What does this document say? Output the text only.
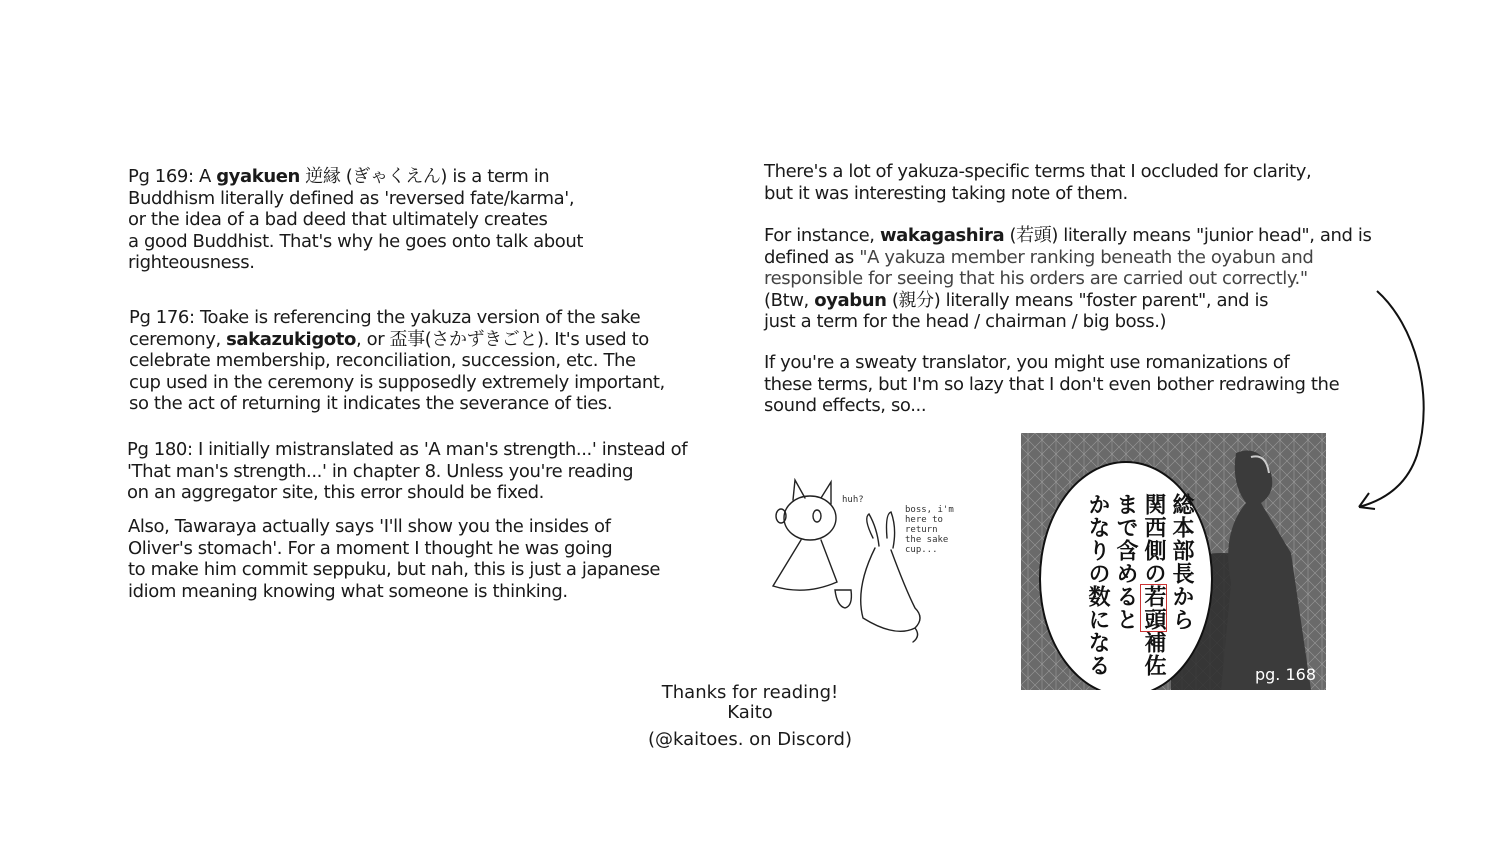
Pg 169: A gyakuen 逆縁 (ぎゃくえん) is a term in
Buddhism literally defined as 'reversed fate/karma',
or the idea of a bad deed that ultimately creates
a good Buddhist. That's why he goes onto talk about
righteousness.
Pg 176: Toake is referencing the yakuza version of the sake
ceremony, sakazukigoto, or 盃事(さかずきごと). It's used to
celebrate membership, reconciliation, succession, etc. The
cup used in the ceremony is supposedly extremely important,
so the act of returning it indicates the severance of ties.
Pg 180: I initially mistranslated as 'A man's strength...' instead of
'That man's strength...' in chapter 8. Unless you're reading
on an aggregator site, this error should be fixed.
Also, Tawaraya actually says 'I'll show you the insides of
Oliver's stomach'. For a moment I thought he was going
to make him commit seppuku, but nah, this is just a japanese
idiom meaning knowing what someone is thinking.
There's a lot of yakuza-specific terms that I occluded for clarity,
but it was interesting taking note of them.
For instance, wakagashira (若頭) literally means "junior head", and is
defined as "A yakuza member ranking beneath the oyabun and
responsible for seeing that his orders are carried out correctly."
(Btw, oyabun (親分) literally means "foster parent", and is
just a term for the head / chairman / big boss.)
If you're a sweaty translator, you might use romanizations of
these terms, but I'm so lazy that I don't even bother redrawing the
sound effects, so...
huh?
boss, i'm
here to
return
the sake
cup...	総本部長から
関西側の若頭補佐
まで含めると
かなりの数になる	pg. 168
Thanks for reading!
Kaito
(@kaitoes. on Discord)
